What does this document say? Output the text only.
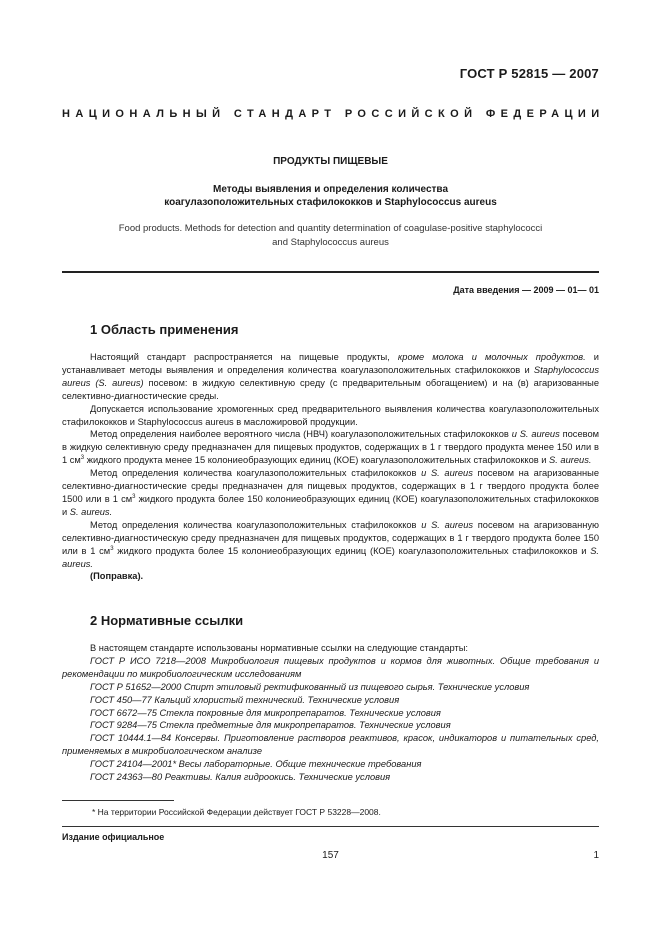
ГОСТ Р 52815 — 2007
НАЦИОНАЛЬНЫЙ СТАНДАРТ РОССИЙСКОЙ ФЕДЕРАЦИИ
ПРОДУКТЫ ПИЩЕВЫЕ
Методы выявления и определения количества
коагулазоположительных стафилококков и Staphylococcus aureus
Food products. Methods for detection and quantity determination of coagulase-positive staphylococci
and Staphylococcus aureus
Дата введения — 2009 — 01— 01
1 Область применения

Настоящий стандарт распространяется на пищевые продукты, кроме молока и молочных продуктов. и устанавливает методы выявления и определения количества коагулазоположительных стафилококков и Staphylococcus aureus (S. aureus) посевом: в жидкую селективную среду (с предварительным обогащением) и на (в) агаризованные селективно-диагностические среды.

Допускается использование хромогенных сред предварительного выявления количества коагулазоположительных стафилококков и Staphylococcus aureus в масложировой продукции.

Метод определения наиболее вероятного числа (НВЧ) коагулазоположительных стафилококков и S. aureus посевом в жидкую селективную среду предназначен для пищевых продуктов, содержащих в 1 г твердого продукта менее 150 или в 1 $см^3$ жидкого продукта менее 15 колониеобразующих единиц (КОЕ) коагулазоположительных стафилококков и S. aureus.

Метод определения количества коагулазоположительных стафилококков и S. aureus посевом на агаризованные селективно-диагностические среды предназначен для пищевых продуктов, содержащих в 1 г твердого продукта более 1500 или в 1 $см^3$ жидкого продукта более 150 колониеобразующих единиц (КОЕ) коагулазоположительных стафилококков и S. aureus.

Метод определения количества коагулазоположительных стафилококков и S. aureus посевом на агаризованную селективно-диагностическую среду предназначен для пищевых продуктов, содержащих в 1 г твердого продукта более 150 или в 1 $см^3$ жидкого продукта более 15 колониеобразующих единиц (КОЕ) коагулазоположительных стафилококков и S. aureus.

(Поправка).

2 Нормативные ссылки

В настоящем стандарте использованы нормативные ссылки на следующие стандарты:

ГОСТ Р ИСО 7218—2008 Микробиология пищевых продуктов и кормов для животных. Общие требования и рекомендации по микробиологическим исследованиям

ГОСТ Р 51652—2000 Спирт этиловый ректификованный из пищевого сырья. Технические условия

ГОСТ 450—77 Кальций хлористый технический. Технические условия

ГОСТ 6672—75 Стекла покровные для микропрепаратов. Технические условия

ГОСТ 9284—75 Стекла предметные для микропрепаратов. Технические условия

ГОСТ 10444.1—84 Консервы. Приготовление растворов реактивов, красок, индикаторов и питательных сред, применяемых в микробиологическом анализе

ГОСТ 24104—2001* Весы лабораторные. Общие технические требования

ГОСТ 24363—80 Реактивы. Калия гидроокись. Технические условия

* На территории Российской Федерации действует ГОСТ Р 53228—2008.
Издание официальное
157	1
